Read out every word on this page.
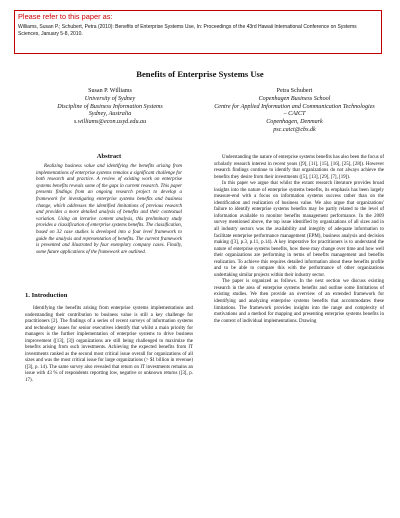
Please refer to this paper as:
Williams, Susan P.; Schubert, Petra (2010): Benefits of Enterprise Systems Use, In: Proceedings of the 43rd Hawaii International Conference on Systems Sciences, January 5-8, 2010.
Benefits of Enterprise Systems Use
Susan P. Williams
University of Sydney
Discipline of Business Information Systems
Sydney, Australia
s.williams@econ.usyd.edu.au
Petra Schubert
Copenhagen Business School
Centre for Applied Information and Communication Technologies – CAICT
Copenhagen, Denmark
psc.caict@cbs.dk
Abstract

Realizing business value and identifying the benefits arising from implementations of enterprise systems remains a significant challenge for both research and practice. A review of existing work on enterprise systems benefits reveals some of the gaps in current research. This paper presents findings from an ongoing research project to develop a framework for investigating enterprise systems benefits and business change, which addresses the identified limitations of previous research and provides a more detailed analysis of benefits and their contextual variation. Using an iterative content analysis, this preliminary study provides a classification of enterprise systems benefits. The classification, based on 32 case studies is developed into a four level framework to guide the analysis and representation of benefits. The current framework is presented and illustrated by four exemplary company cases. Finally, some future applications of the framework are outlined.

1. Introduction

Identifying the benefits arising from enterprise systems implementations and understanding their contribution to business value is still a key challenge for practitioners [2]. The findings of a series of recent surveys of information systems and technology issues for senior executives identify that whilst a main priority for managers is the further implementation of enterprise systems to drive business improvement ([13], [3]) organizations are still being challenged to maximize the benefits arising from such investments. Achieving the expected benefits from IT investments ranked as the second most critical issue overall for organizations of all sizes and was the most critical issue for large organizations (> $1 billion in revenue) ([3], p. 14). The same survey also revealed that return on IT investments remains an issue with 43 % of respondents reporting low, negative or unknown returns ([3], p. 17).

Understanding the nature of enterprise systems benefits has also been the focus of scholarly research interest in recent years ([9], [11], [15], [16], [25], [28]). However research findings continue to identify that organizations do not always achieve the benefits they desire from their investments ([5], [13], [29], [7], [19]).

In this paper we argue that whilst the extant research literature provides broad insights into the nature of enterprise systems benefits, its emphasis has been largely measure-end with a focus on information systems success rather than on the identification and realization of business value. We also argue that organizations' failure to identify enterprise systems benefits may be partly related to the level of information available to monitor benefits management performance. In the 2009 survey mentioned above, the top issue identified by organizations of all sizes and in all industry sectors was the availability and integrity of adequate information to facilitate enterprise performance management (EPM), business analysis and decision making ([3], p.3, p.11, p.14). A key imperative for practitioners is to understand the nature of enterprise systems benefits, how these may change over time and how well their organizations are performing in terms of benefits management and benefits realization. To achieve this requires detailed information about these benefits profile and to be able to compare this with the performance of other organizations undertaking similar projects within their industry sector.

The paper is organized as follows. In the next section we discuss existing research in the area of enterprise systems benefits and outline some limitations of existing studies. We then provide an overview of an extended framework for identifying and analyzing enterprise systems benefits that accommodates these limitations. The framework provides insights into the range and complexity of motivations and a method for mapping and presenting enterprise systems benefits in the context of individual implementations. Drawing
